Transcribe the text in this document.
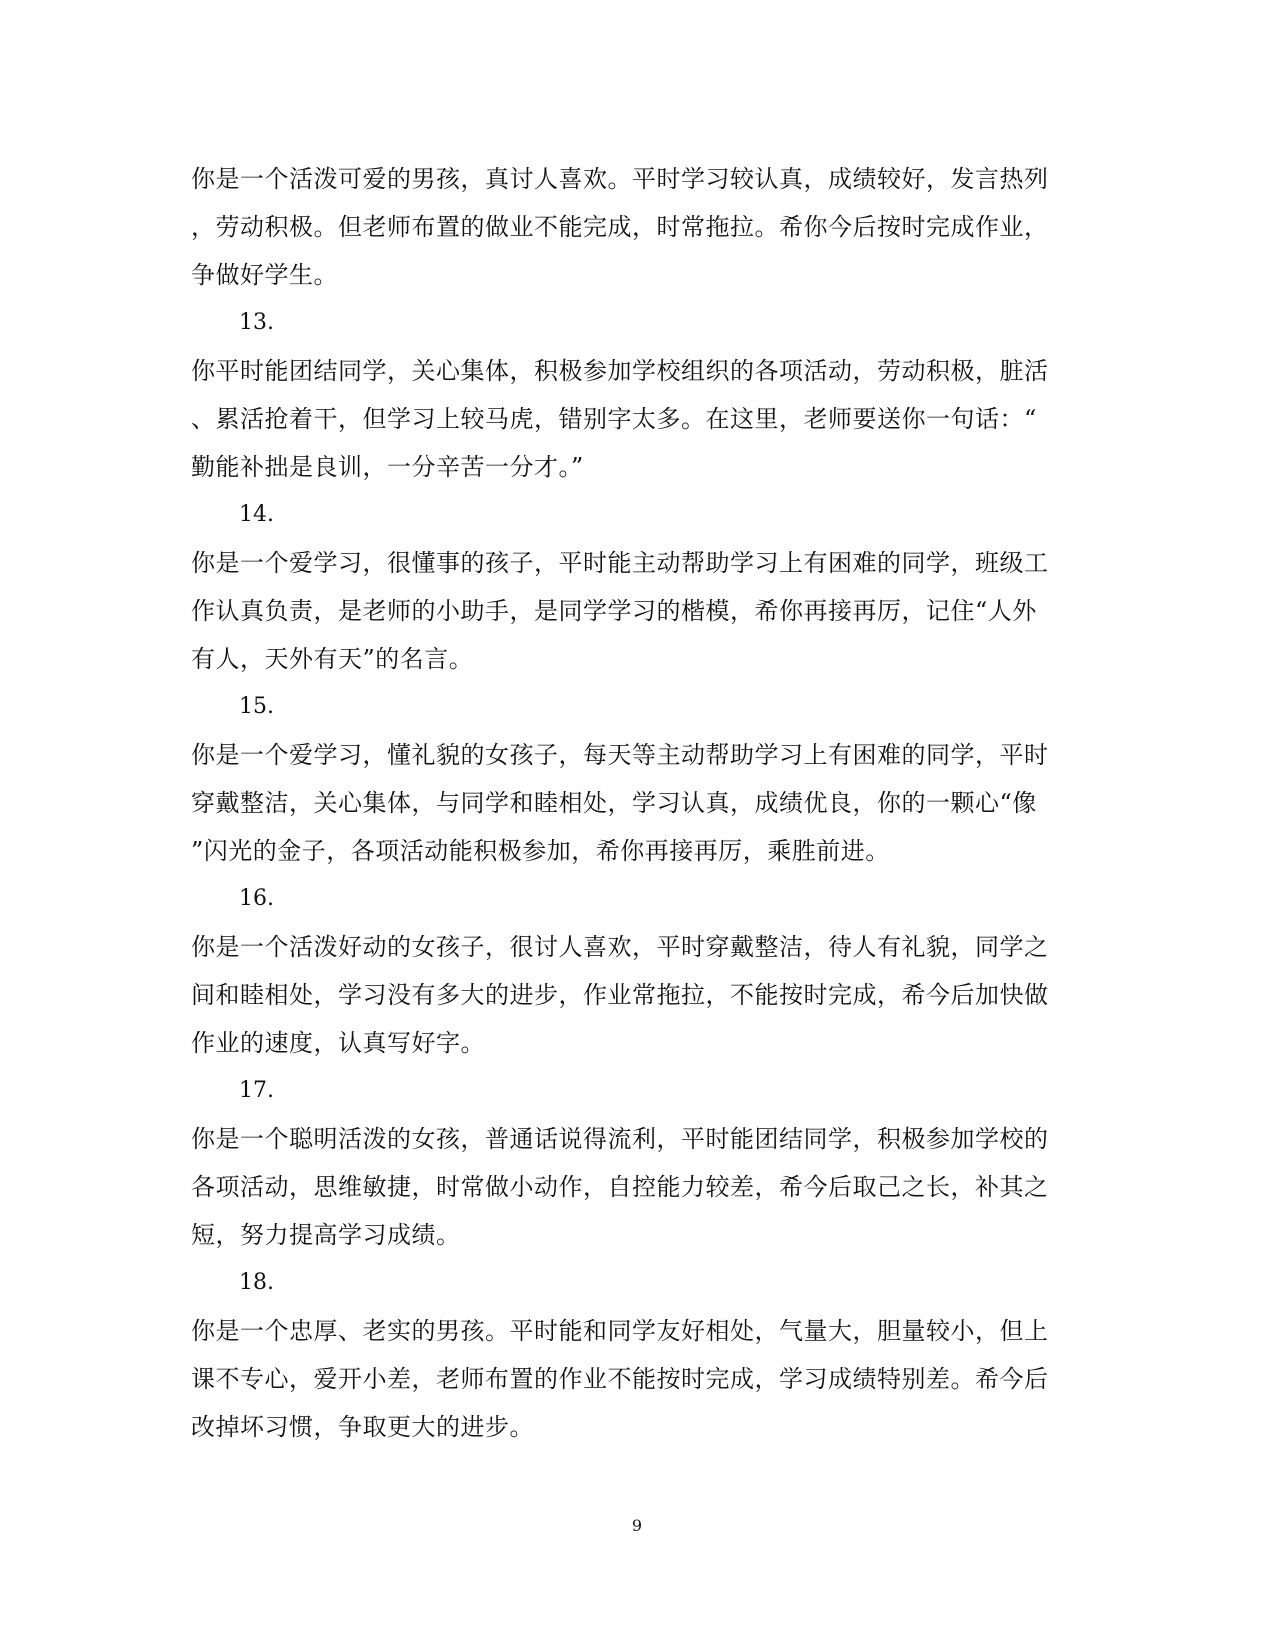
你是一个活泼可爱的男孩，真讨人喜欢。平时学习较认真，成绩较好，发言热列
，劳动积极。但老师布置的做业不能完成，时常拖拉。希你今后按时完成作业，
争做好学生。
13.
你平时能团结同学，关心集体，积极参加学校组织的各项活动，劳动积极，脏活
、累活抢着干，但学习上较马虎，错别字太多。在这里，老师要送你一句话：“
勤能补拙是良训，一分辛苦一分才。”
14.
你是一个爱学习，很懂事的孩子，平时能主动帮助学习上有困难的同学，班级工
作认真负责，是老师的小助手，是同学学习的楷模，希你再接再厉，记住“人外
有人，天外有天”的名言。
15.
你是一个爱学习，懂礼貌的女孩子，每天等主动帮助学习上有困难的同学，平时
穿戴整洁，关心集体，与同学和睦相处，学习认真，成绩优良，你的一颗心“像
”闪光的金子，各项活动能积极参加，希你再接再厉，乘胜前进。
16.
你是一个活泼好动的女孩子，很讨人喜欢，平时穿戴整洁，待人有礼貌，同学之
间和睦相处，学习没有多大的进步，作业常拖拉，不能按时完成，希今后加快做
作业的速度，认真写好字。
17.
你是一个聪明活泼的女孩，普通话说得流利，平时能团结同学，积极参加学校的
各项活动，思维敏捷，时常做小动作，自控能力较差，希今后取己之长，补其之
短，努力提高学习成绩。
18.
你是一个忠厚、老实的男孩。平时能和同学友好相处，气量大，胆量较小，但上
课不专心，爱开小差，老师布置的作业不能按时完成，学习成绩特别差。希今后
改掉坏习惯，争取更大的进步。
9
